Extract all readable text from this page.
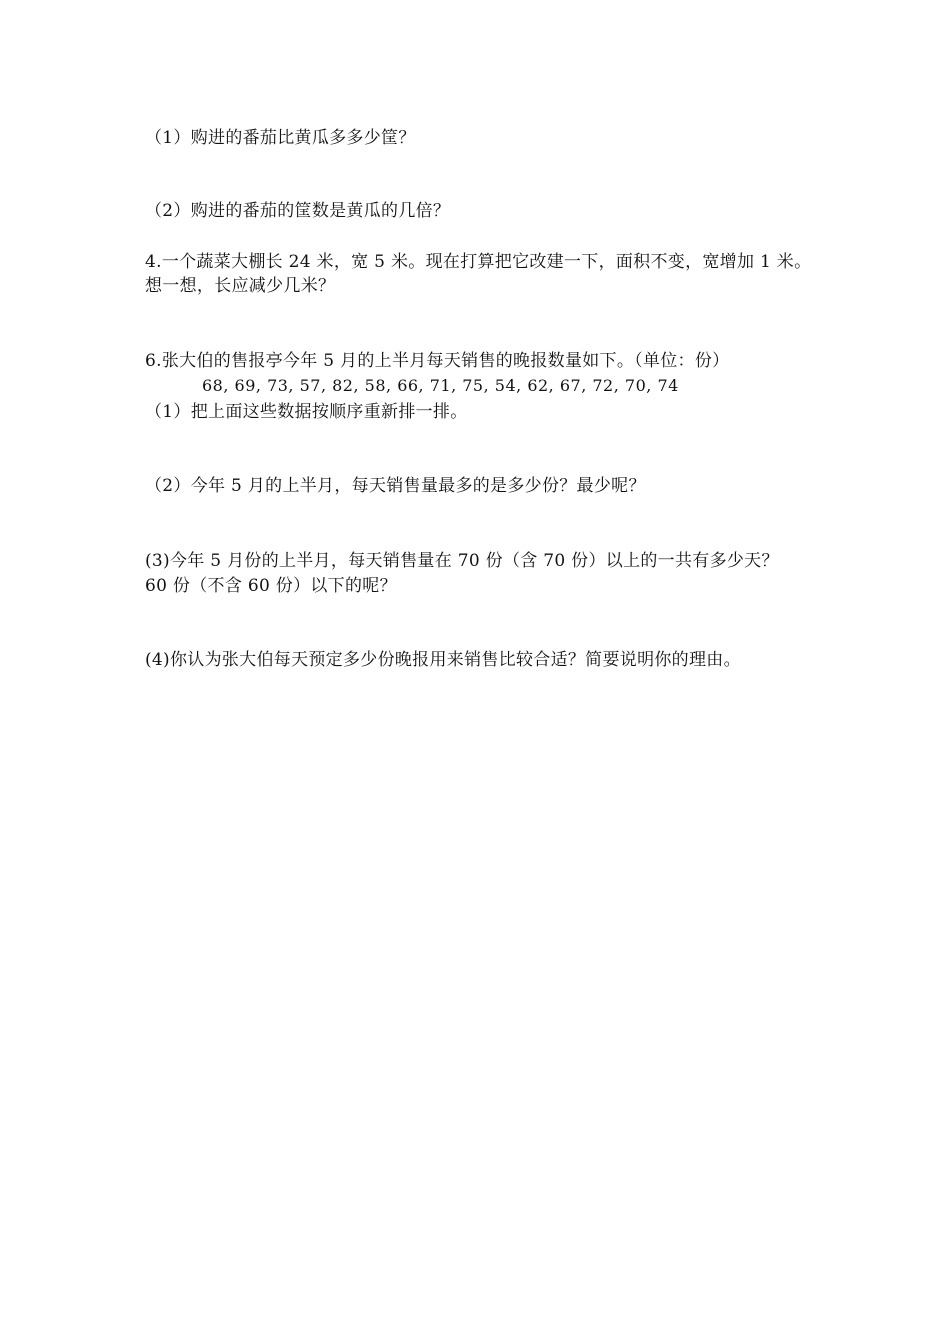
（1）购进的番茄比黄瓜多多少筐？
（2）购进的番茄的筐数是黄瓜的几倍？
4.一个蔬菜大棚长 24 米，宽 5 米。现在打算把它改建一下，面积不变，宽增加 1 米。
想一想，长应减少几米？
6.张大伯的售报亭今年 5 月的上半月每天销售的晚报数量如下。（单位：份）
68, 69, 73, 57, 82, 58, 66, 71, 75, 54, 62, 67, 72, 70, 74
（1）把上面这些数据按顺序重新排一排。
（2）今年 5 月的上半月，每天销售量最多的是多少份？最少呢？
(3)今年 5 月份的上半月，每天销售量在 70 份（含 70 份）以上的一共有多少天？
60 份（不含 60 份）以下的呢？
(4)你认为张大伯每天预定多少份晚报用来销售比较合适？简要说明你的理由。
